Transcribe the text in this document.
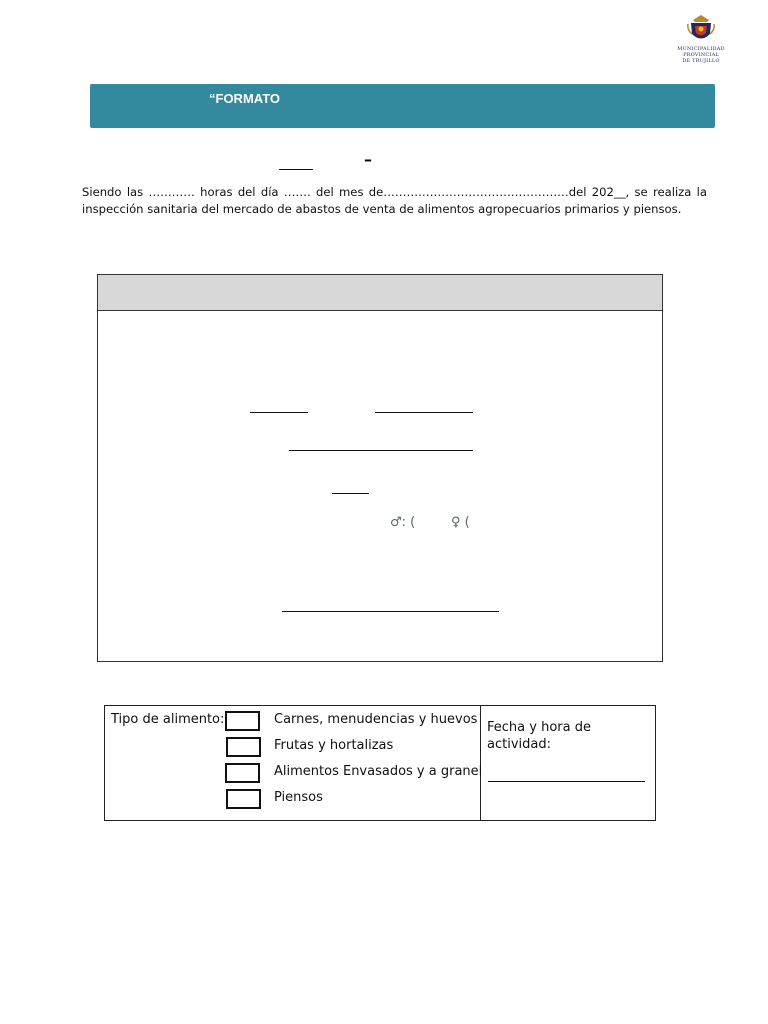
MUNICIPALIDAD
PROVINCIAL
DE TRUJILLO
“FORMATO
–
Siendo las ………… horas del día ……. del mes de…………………………………………del 202__, se realiza la inspección sanitaria del mercado de abastos de venta de alimentos agropecuarios primarios y piensos.
♂: (	♀ (
Tipo de alimento:	Carnes, menudencias y huevos
Frutas y hortalizas
Alimentos Envasados y a granel
Piensos
Fecha y hora de
actividad:
